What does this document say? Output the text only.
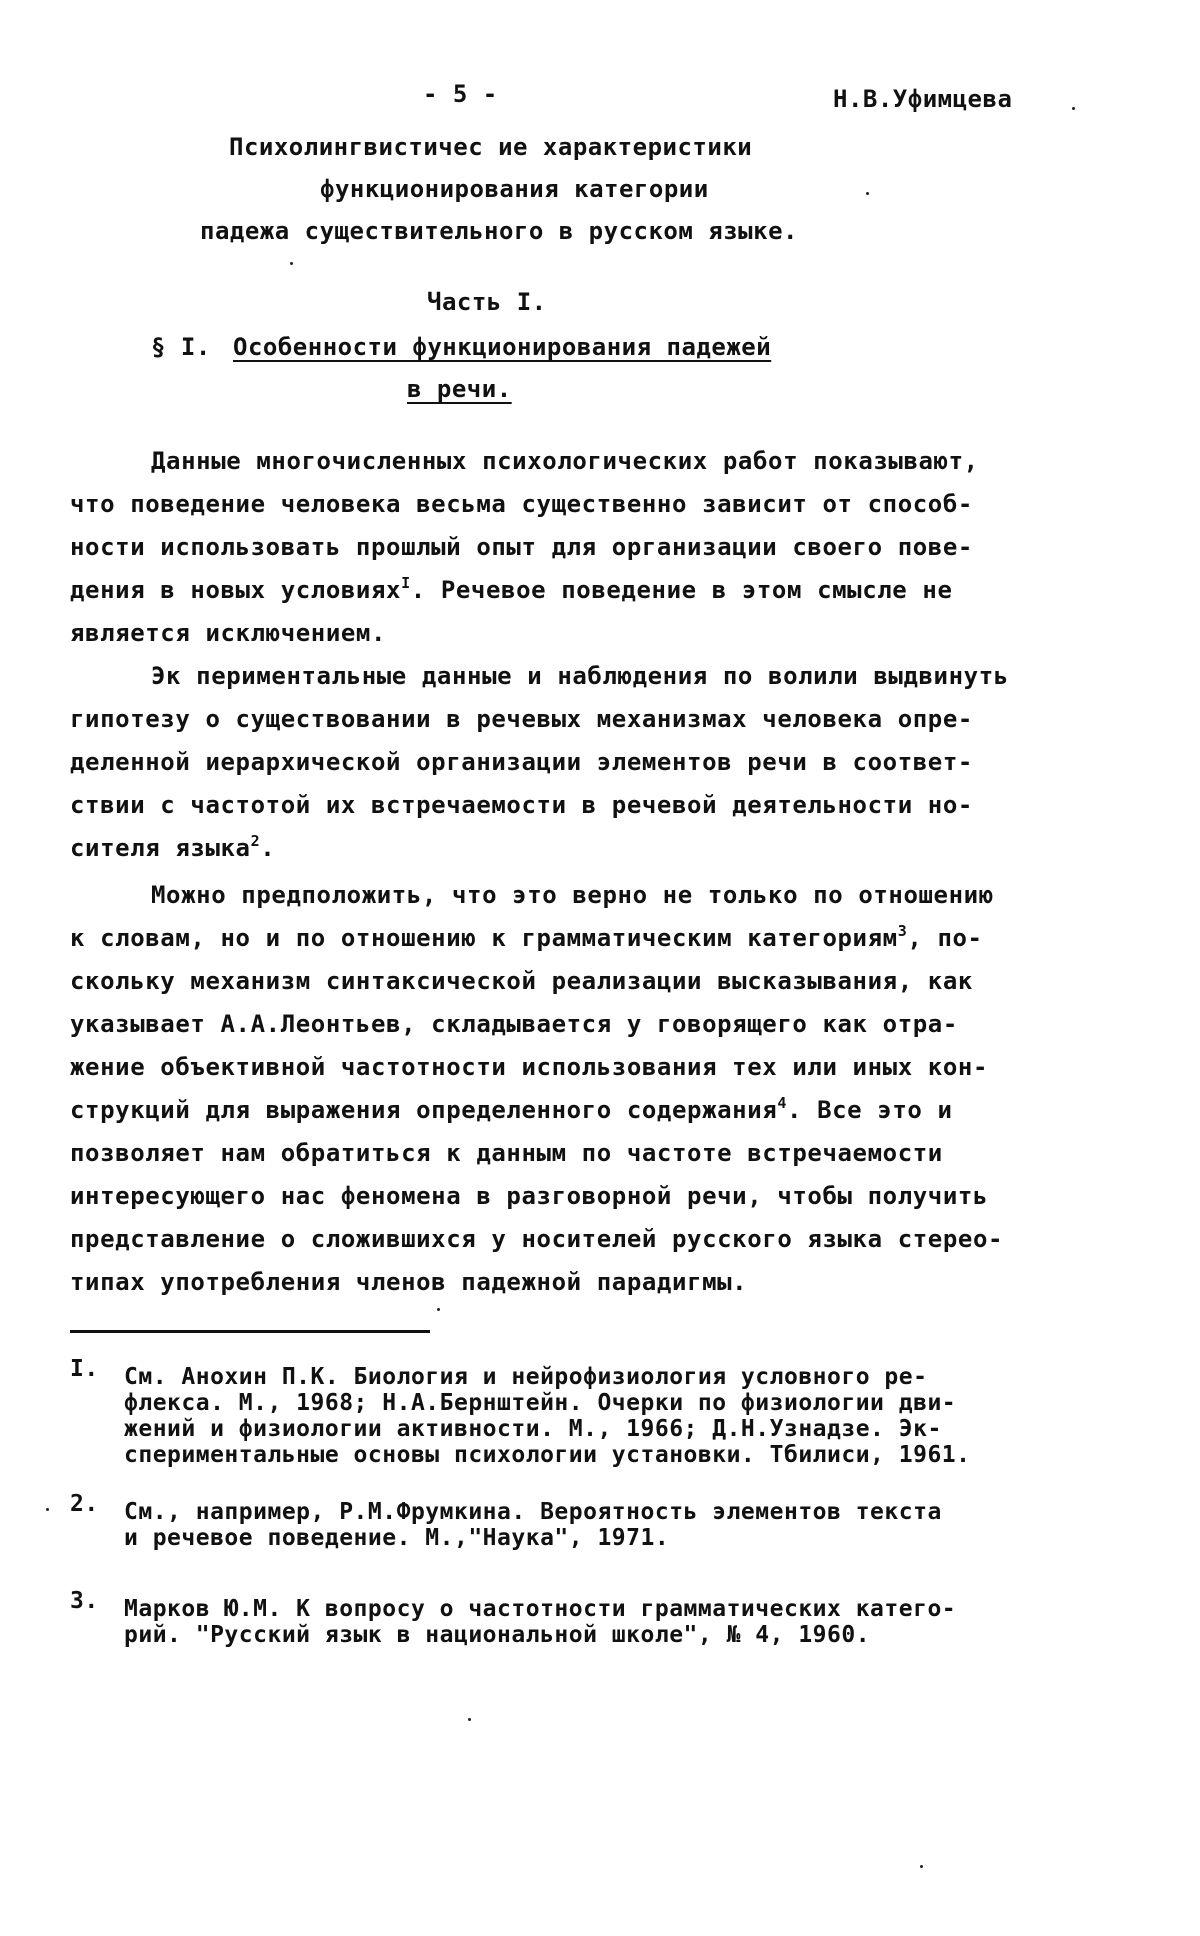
- 5 -	Н.В.Уфимцева
Психолингвистичес ие характеристики
функционирования категории
падежа существительного в русском языке.
Часть I.
§ I. Особенности функционирования падежей
в речи.
Данные многочисленных психологических работ показывают,
что поведение человека весьма существенно зависит от способ-
ности использовать прошлый опыт для организации своего пове-
дения в новых условиях$^I$. Речевое поведение в этом смысле не
является исключением.
Эк периментальные данные и наблюдения по волили выдвинуть
гипотезу о существовании в речевых механизмах человека опре-
деленной иерархической организации элементов речи в соответ-
ствии с частотой их встречаемости в речевой деятельности но-
сителя языка$^2$.
Можно предположить, что это верно не только по отношению
к словам, но и по отношению к грамматическим категориям$^3$, по-
скольку механизм синтаксической реализации высказывания, как
указывает А.А.Леонтьев, складывается у говорящего как отра-
жение объективной частотности использования тех или иных кон-
струкций для выражения определенного содержания$^4$. Все это и
позволяет нам обратиться к данным по частоте встречаемости
интересующего нас феномена в разговорной речи, чтобы получить
представление о сложившихся у носителей русского языка стерео-
типах употребления членов падежной парадигмы.
I. См. Анохин П.К. Биология и нейрофизиология условного ре-
флекса. М., 1968; Н.А.Бернштейн. Очерки по физиологии дви-
жений и физиологии активности. М., 1966; Д.Н.Узнадзе. Эк-
спериментальные основы психологии установки. Тбилиси, 1961.
2. См., например, Р.М.Фрумкина. Вероятность элементов текста
и речевое поведение. М.,"Наука", 1971.
3. Марков Ю.М. К вопросу о частотности грамматических катего-
рий. "Русский язык в национальной школе", № 4, 1960.
